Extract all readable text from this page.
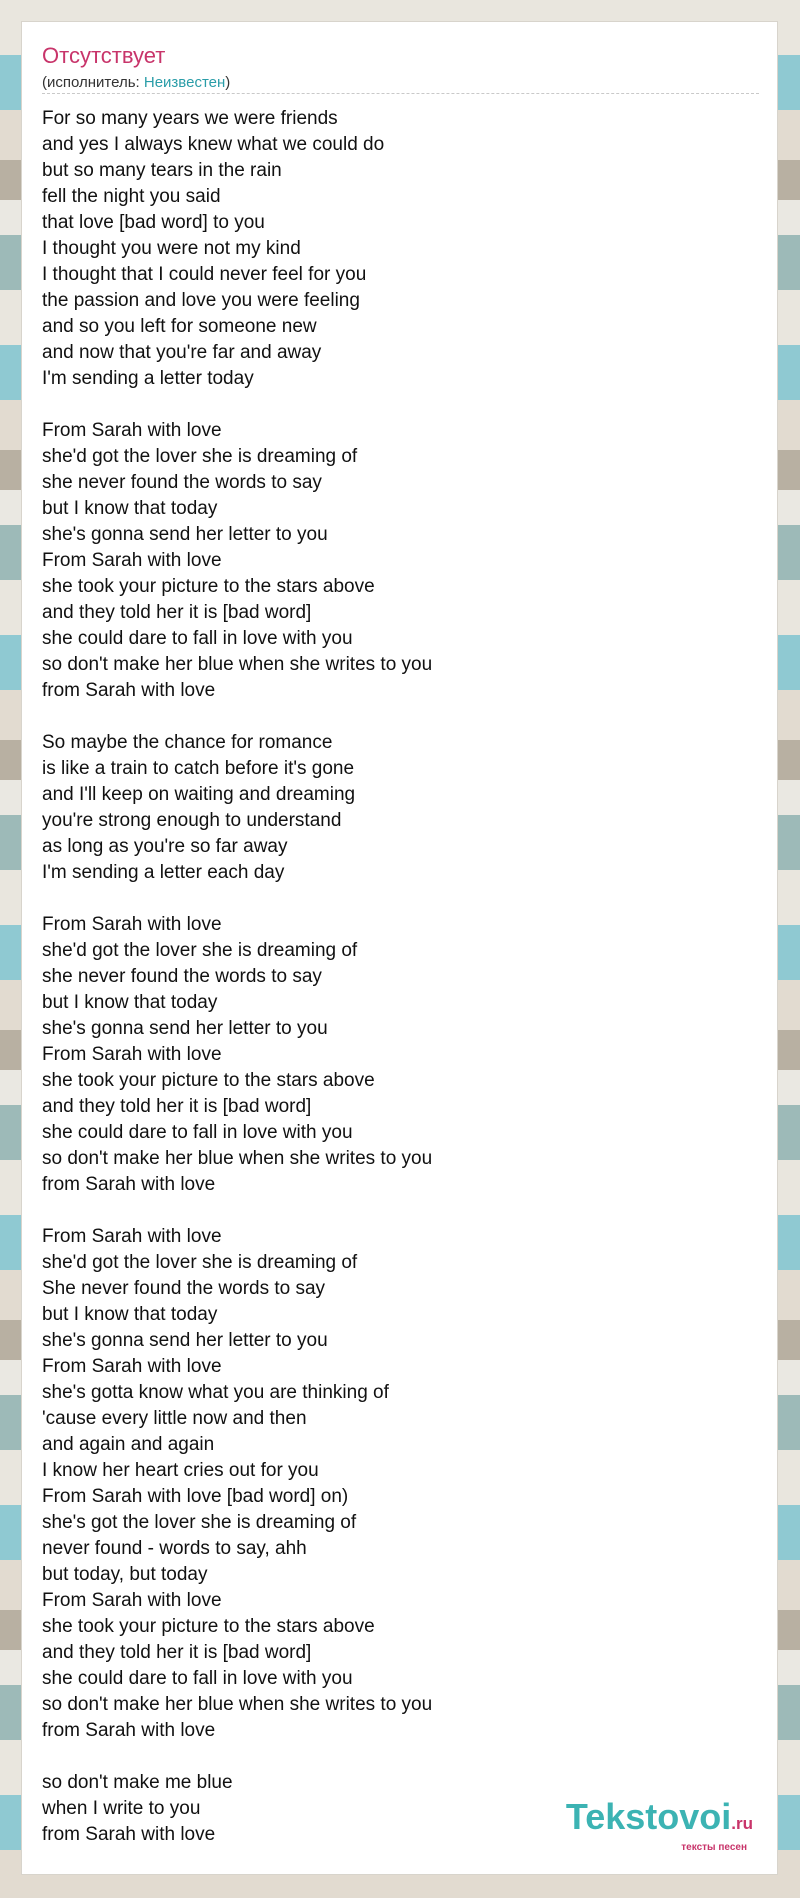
Отсутствует
(исполнитель: Неизвестен)
For so many years we were friends
and yes I always knew what we could do
but so many tears in the rain
fell the night you said
that love [bad word] to you
I thought you were not my kind
I thought that I could never feel for you
the passion and love you were feeling
and so you left for someone new
and now that you're far and away
I'm sending a letter today
From Sarah with love
she'd got the lover she is dreaming of
she never found the words to say
but I know that today
she's gonna send her letter to you
From Sarah with love
she took your picture to the stars above
and they told her it is [bad word]
she could dare to fall in love with you
so don't make her blue when she writes to you
from Sarah with love
So maybe the chance for romance
is like a train to catch before it's gone
and I'll keep on waiting and dreaming
you're strong enough to understand
as long as you're so far away
I'm sending a letter each day
From Sarah with love
she'd got the lover she is dreaming of
she never found the words to say
but I know that today
she's gonna send her letter to you
From Sarah with love
she took your picture to the stars above
and they told her it is [bad word]
she could dare to fall in love with you
so don't make her blue when she writes to you
from Sarah with love
From Sarah with love
she'd got the lover she is dreaming of
She never found the words to say
but I know that today
she's gonna send her letter to you
From Sarah with love
she's gotta know what you are thinking of
'cause every little now and then
and again and again
I know her heart cries out for you
From Sarah with love [bad word] on)
she's got the lover she is dreaming of
never found - words to say, ahh
but today, but today
From Sarah with love
she took your picture to the stars above
and they told her it is [bad word]
she could dare to fall in love with you
so don't make her blue when she writes to you
from Sarah with love
so don't make me blue
when I write to you
from Sarah with love	Tekstovoi.ru
тексты песен
